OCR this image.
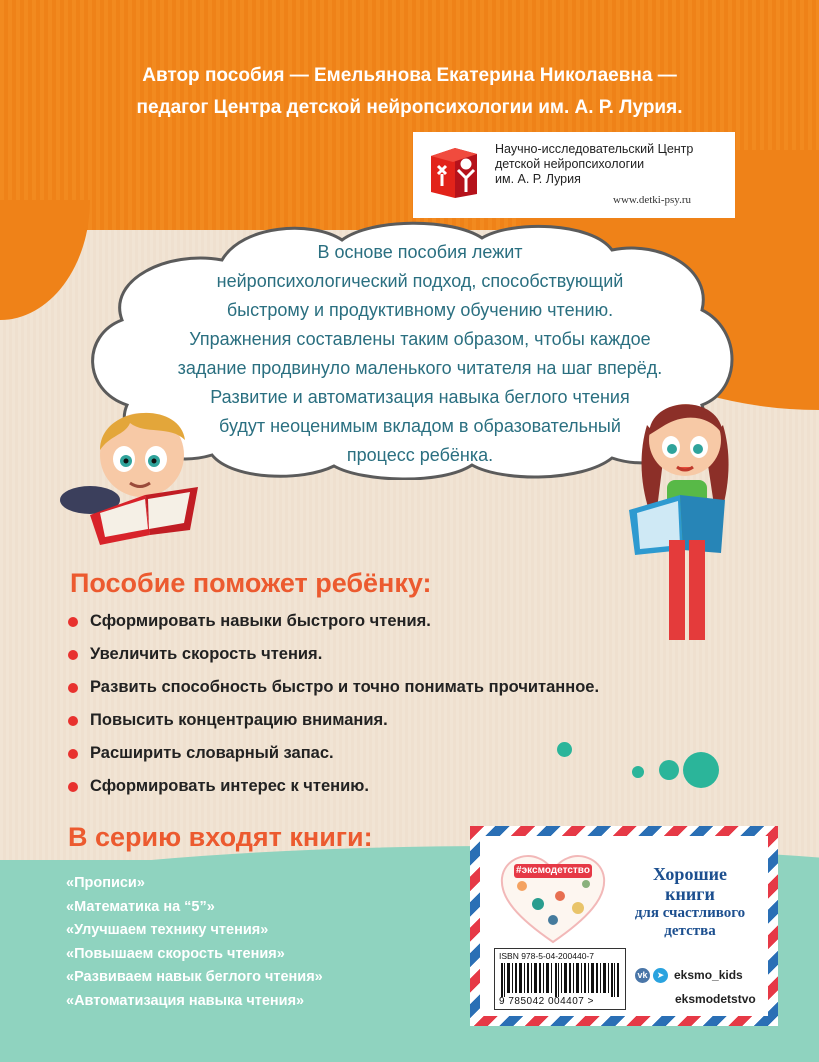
Автор пособия — Емельянова Екатерина Николаевна —
педагог Центра детской нейропсихологии им. А. Р. Лурия.
Научно-исследовательский Центр
детской нейропсихологии
им. А. Р. Лурия
www.detki-psy.ru
В основе пособия лежит
нейропсихологический подход, способствующий
быстрому и продуктивному обучению чтению.
Упражнения составлены таким образом, чтобы каждое
задание продвинуло маленького читателя на шаг вперёд.
Развитие и автоматизация навыка беглого чтения
будут неоценимым вкладом в образовательный
процесс ребёнка.
Пособие поможет ребёнку:
Сформировать навыки быстрого чтения.
Увеличить скорость чтения.
Развить способность быстро и точно понимать прочитанное.
Повысить концентрацию внимания.
Расширить словарный запас.
Сформировать интерес к чтению.
В серию входят книги:
«Прописи»
«Математика на “5”»
«Улучшаем технику чтения»
«Повышаем скорость чтения»
«Развиваем навык беглого чтения»
«Автоматизация навыка чтения»
#эксмодетство	Хорошие
книги
для счастливого
детства
ISBN 978-5-04-200440-7
9 785042 004407 >
vk	➤ eksmo_kids
eksmodetstvo
